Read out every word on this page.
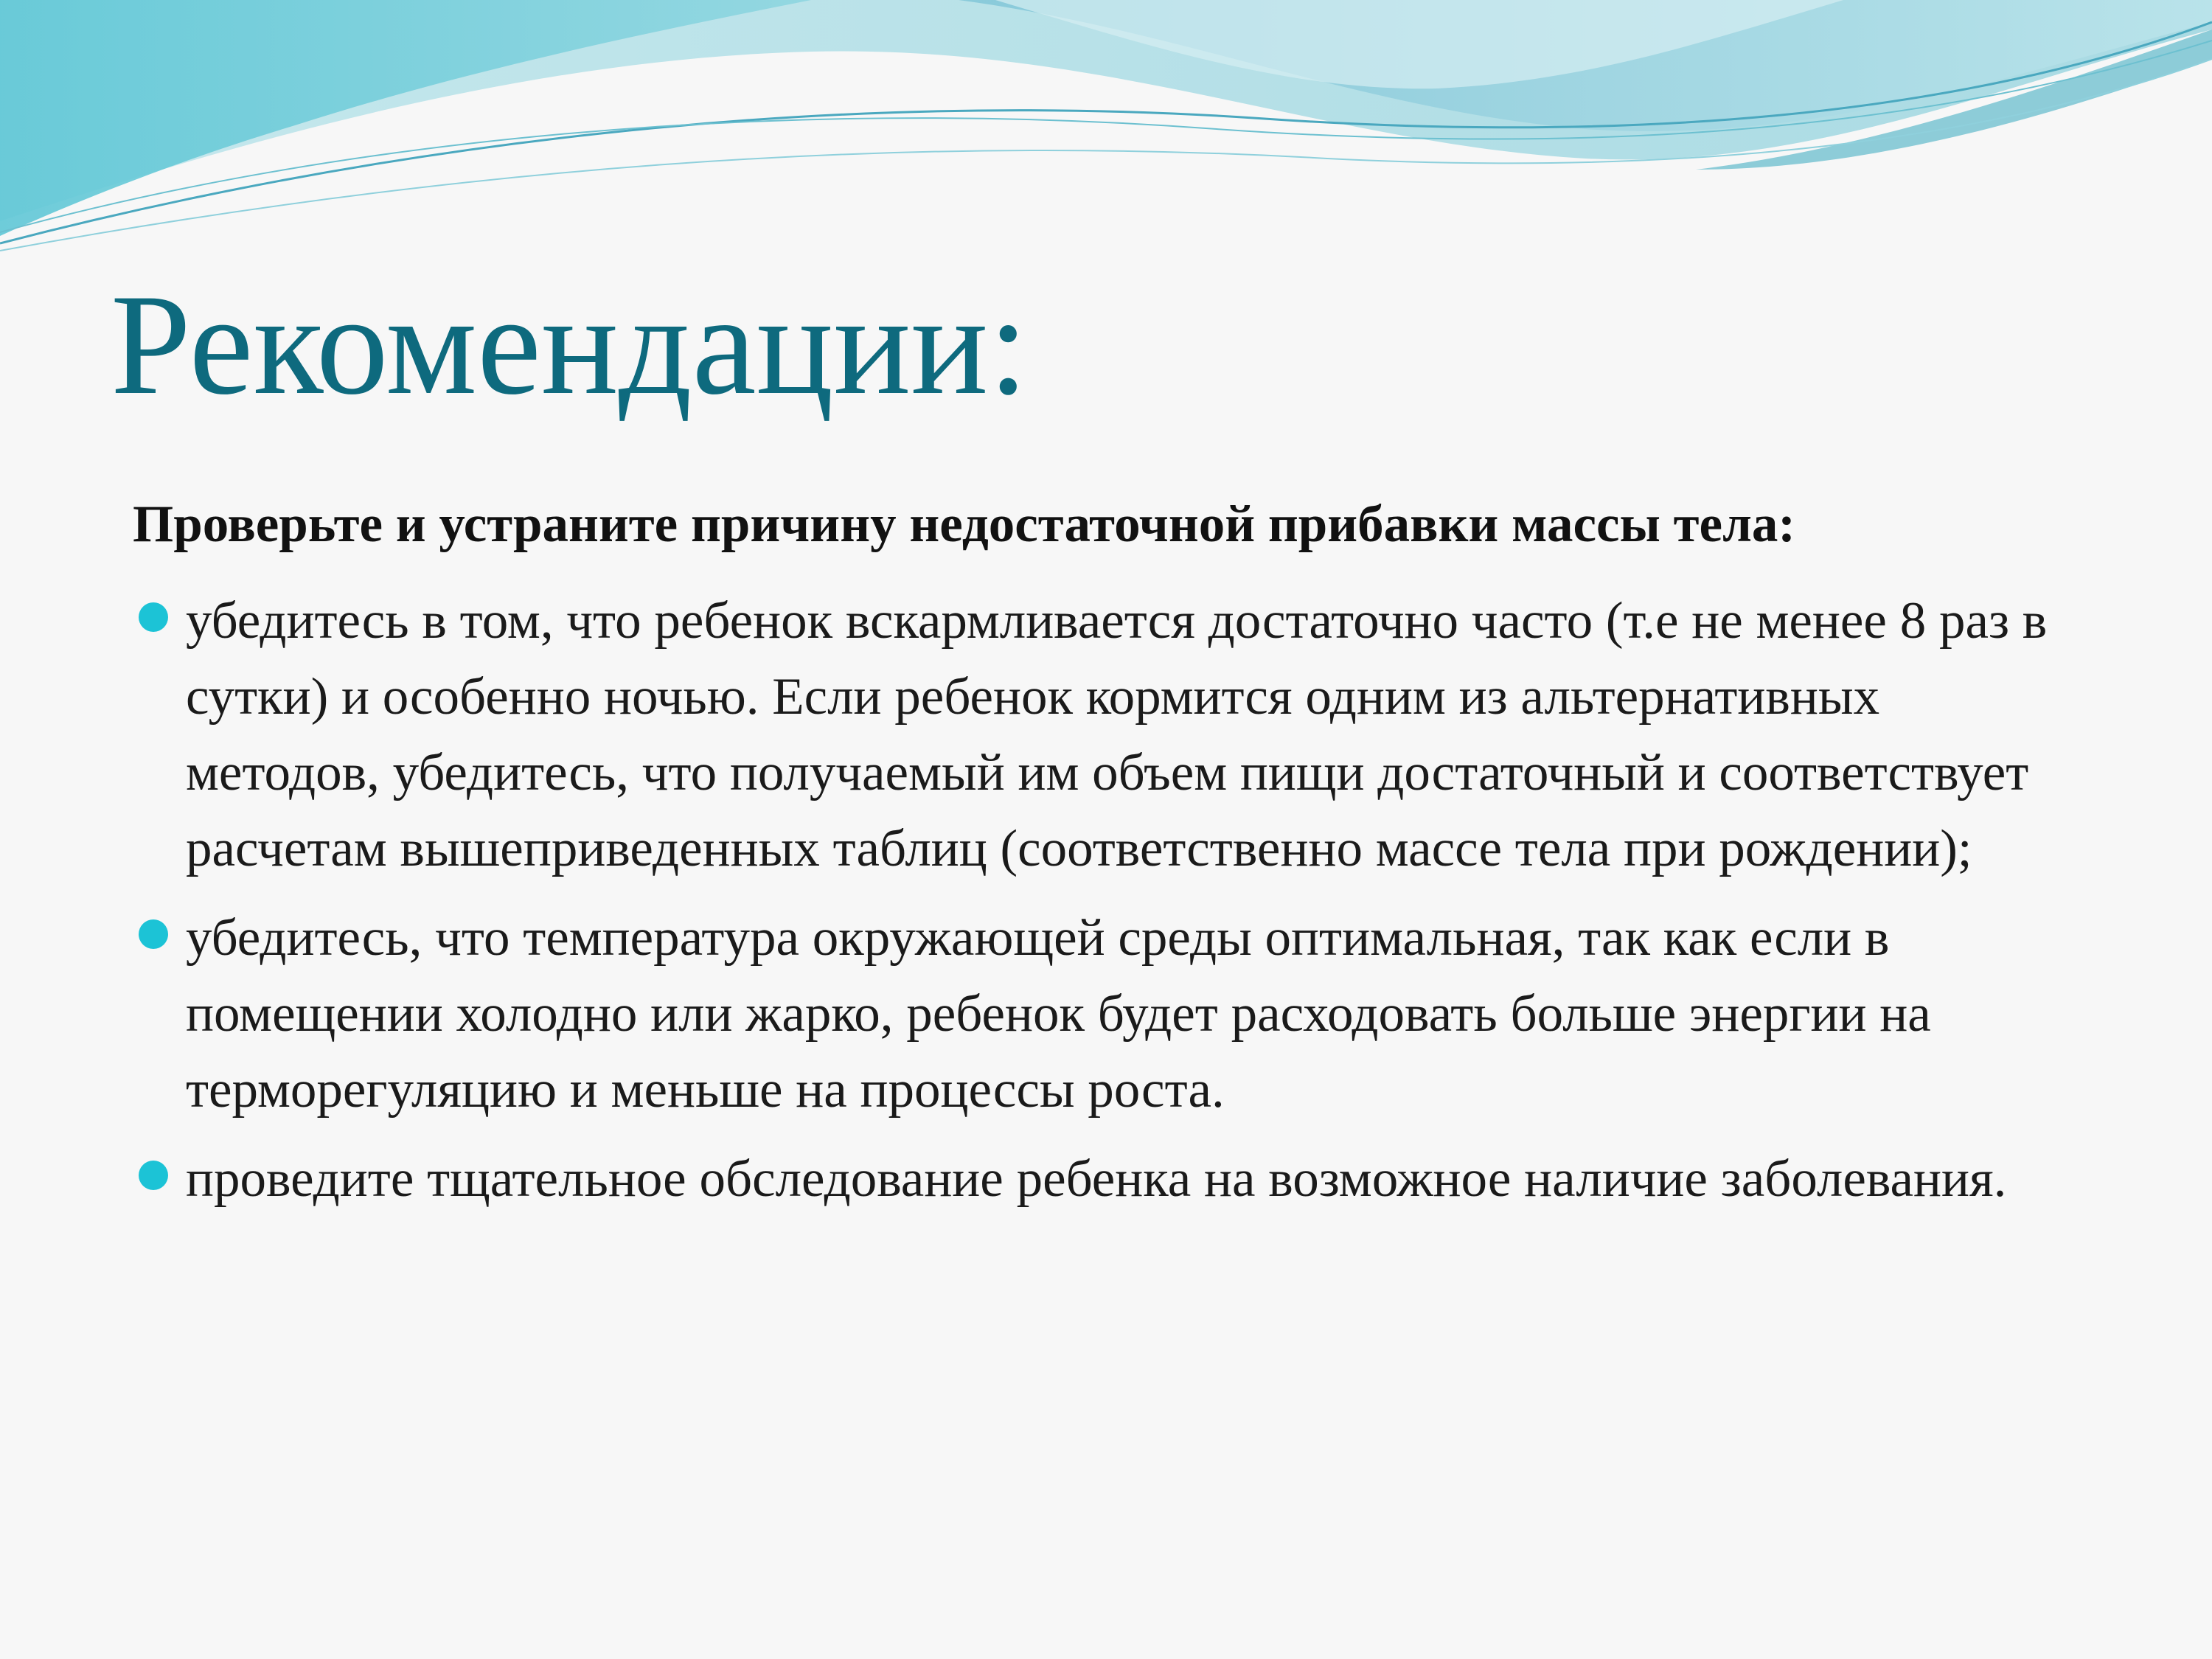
Рекомендации:

Проверьте и устраните причину недостаточной прибавки массы тела:

убедитесь в том, что ребенок вскармливается достаточно часто (т.е не менее 8 раз в сутки) и особенно ночью. Если ребенок кормится одним из альтернативных методов, убедитесь, что получаемый им объем пищи достаточный и соответствует расчетам вышеприведенных таблиц (соответственно массе тела при рождении);
убедитесь, что температура окружающей среды оптимальная, так как если в помещении холодно или жарко, ребенок будет расходовать больше энергии на терморегуляцию и меньше на процессы роста.
проведите тщательное обследование ребенка на возможное наличие заболевания.
